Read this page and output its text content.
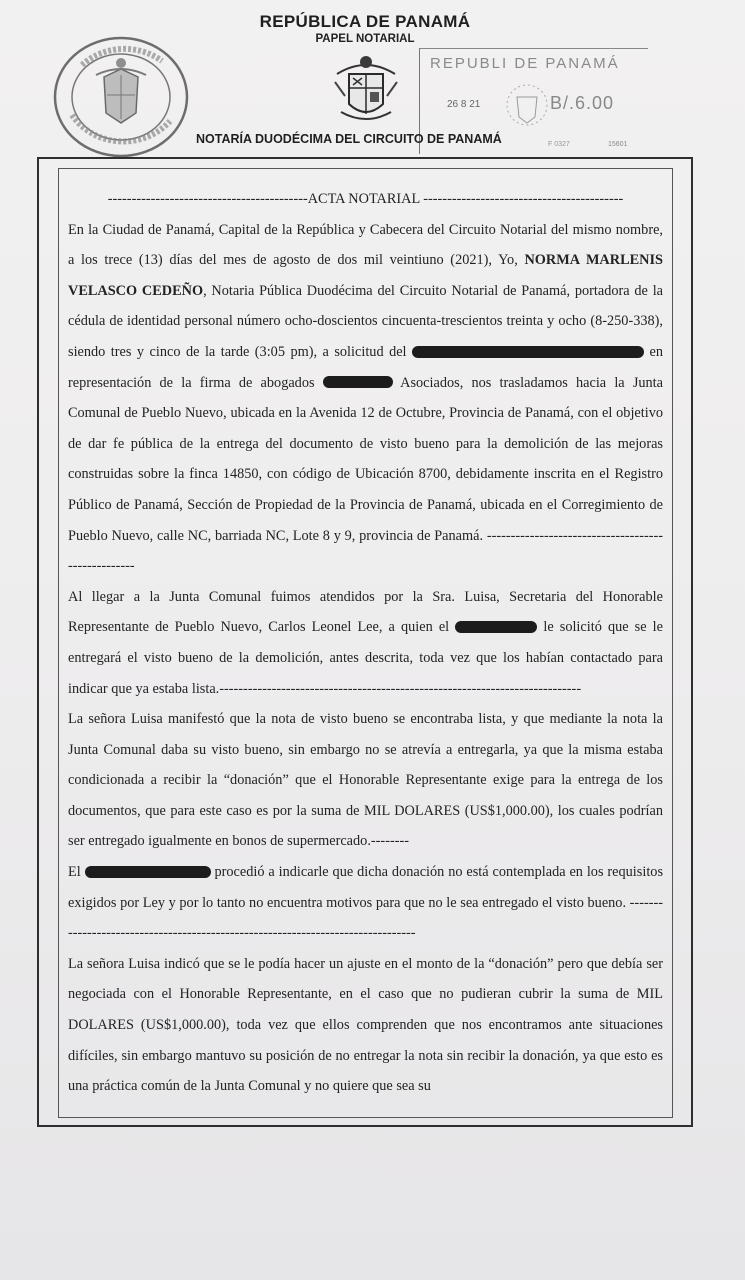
REPÚBLICA DE PANAMÁ
PAPEL NOTARIAL
REPUBLI DE PANAMÁ
26 8 21	B/.6.00
F 0327	15601
NOTARÍA DUODÉCIMA DEL CIRCUITO DE PANAMÁ

------------------------------------------ACTA NOTARIAL ------------------------------------------

En la Ciudad de Panamá, Capital de la República y Cabecera del Circuito Notarial del mismo nombre, a los trece (13) días del mes de agosto de dos mil veintiuno (2021), Yo, NORMA MARLENIS VELASCO CEDEÑO, Notaria Pública Duodécima del Circuito Notarial de Panamá, portadora de la cédula de identidad personal número ocho-doscientos cincuenta-trescientos treinta y ocho (8-250-338), siendo tres y cinco de la tarde (3:05 pm), a solicitud del	en representación de la firma de abogados	Asociados, nos trasladamos hacia la Junta Comunal de Pueblo Nuevo, ubicada en la Avenida 12 de Octubre, Provincia de Panamá, con el objetivo de dar fe pública de la entrega del documento de visto bueno para la demolición de las mejoras construidas sobre la finca 14850, con código de Ubicación 8700, debidamente inscrita en el Registro Público de Panamá, Sección de Propiedad de la Provincia de Panamá, ubicada en el Corregimiento de Pueblo Nuevo, calle NC, barriada NC, Lote 8 y 9, provincia de Panamá. ---------------------------------------------------

Al llegar a la Junta Comunal fuimos atendidos por la Sra. Luisa, Secretaria del Honorable Representante de Pueblo Nuevo, Carlos Leonel Lee, a quien el	le solicitó que se le entregará el visto bueno de la demolición, antes descrita, toda vez que los habían contactado para indicar que ya estaba lista.----------------------------------------------------------------------------

La señora Luisa manifestó que la nota de visto bueno se encontraba lista, y que mediante la nota la Junta Comunal daba su visto bueno, sin embargo no se atrevía a entregarla, ya que la misma estaba condicionada a recibir la “donación” que el Honorable Representante exige para la entrega de los documentos, que para este caso es por la suma de MIL DOLARES (US$1,000.00), los cuales podrían ser entregado igualmente en bonos de supermercado.--------

El	procedió a indicarle que dicha donación no está contemplada en los requisitos exigidos por Ley y por lo tanto no encuentra motivos para que no le sea entregado el visto bueno. --------------------------------------------------------------------------------

La señora Luisa indicó que se le podía hacer un ajuste en el monto de la “donación” pero que debía ser negociada con el Honorable Representante, en el caso que no pudieran cubrir la suma de MIL DOLARES (US$1,000.00), toda vez que ellos comprenden que nos encontramos ante situaciones difíciles, sin embargo mantuvo su posición de no entregar la nota sin recibir la donación, ya que esto es una práctica común de la Junta Comunal y no quiere que sea su
